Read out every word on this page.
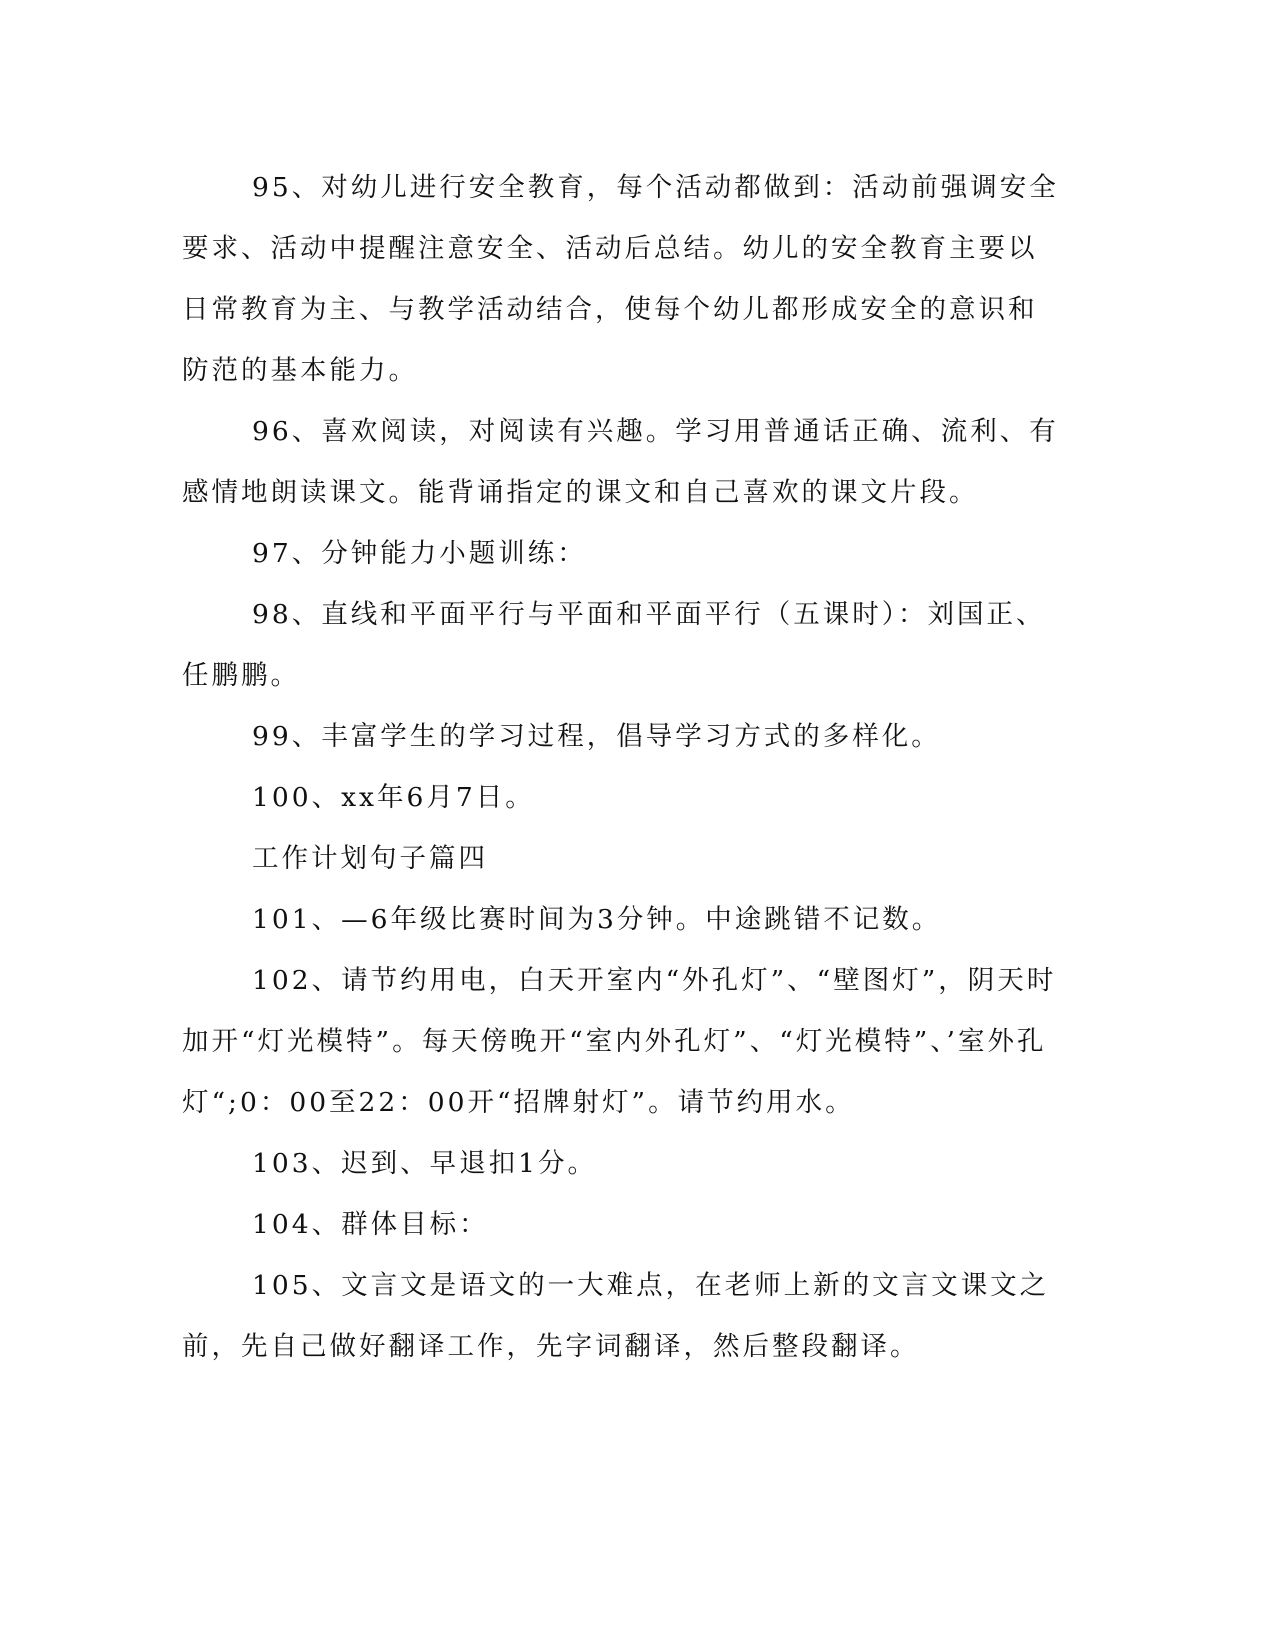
95、对幼儿进行安全教育，每个活动都做到：活动前强调安全要求、活动中提醒注意安全、活动后总结。幼儿的安全教育主要以日常教育为主、与教学活动结合，使每个幼儿都形成安全的意识和防范的基本能力。

96、喜欢阅读，对阅读有兴趣。学习用普通话正确、流利、有感情地朗读课文。能背诵指定的课文和自己喜欢的课文片段。

97、分钟能力小题训练：

98、直线和平面平行与平面和平面平行（五课时）：刘国正、任鹏鹏。

99、丰富学生的学习过程，倡导学习方式的多样化。

100、xx年6月7日。

工作计划句子篇四

101、—6年级比赛时间为3分钟。中途跳错不记数。

102、请节约用电，白天开室内“外孔灯”、“壁图灯”，阴天时加开“灯光模特”。每天傍晚开“室内外孔灯”、“灯光模特”、’室外孔灯“;0：00至22：00开“招牌射灯”。请节约用水。

103、迟到、早退扣1分。

104、群体目标：

105、文言文是语文的一大难点，在老师上新的文言文课文之前，先自己做好翻译工作，先字词翻译，然后整段翻译。
